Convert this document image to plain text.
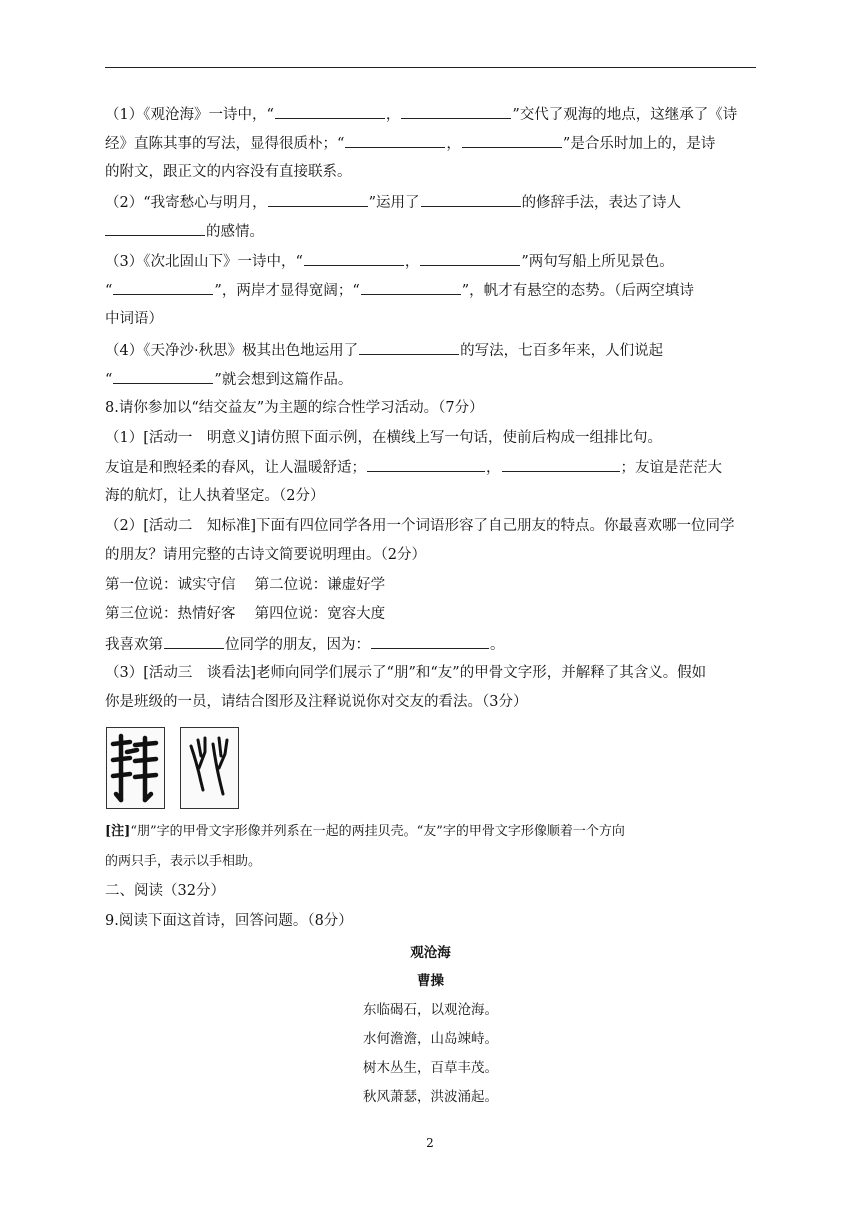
（1）《观沧海》一诗中，“	，	”交代了观海的地点，这继承了《诗
经》直陈其事的写法，显得很质朴；“	，	”是合乐时加上的，是诗
的附文，跟正文的内容没有直接联系。
（2）“我寄愁心与明月，	”运用了	的修辞手法，表达了诗人
的感情。
（3）《次北固山下》一诗中，“	，	”两句写船上所见景色。
“	”，两岸才显得宽阔；“	”，帆才有悬空的态势。（后两空填诗
中词语）
（4）《天净沙·秋思》极其出色地运用了	的写法，七百多年来，人们说起
“	”就会想到这篇作品。
8.请你参加以“结交益友”为主题的综合性学习活动。（7分）
（1）[活动一　明意义]请仿照下面示例，在横线上写一句话，使前后构成一组排比句。
友谊是和煦轻柔的春风，让人温暖舒适；	，	；友谊是茫茫大
海的航灯，让人执着坚定。（2分）
（2）[活动二　知标准]下面有四位同学各用一个词语形容了自己朋友的特点。你最喜欢哪一位同学
的朋友？请用完整的古诗文简要说明理由。（2分）
第一位说：诚实守信　 第二位说：谦虚好学
第三位说：热情好客　 第四位说：宽容大度
我喜欢第	位同学的朋友，因为：	。
（3）[活动三　谈看法]老师向同学们展示了“朋”和“友”的甲骨文字形，并解释了其含义。假如
你是班级的一员，请结合图形及注释说说你对交友的看法。（3分）
[注]“朋”字的甲骨文字形像并列系在一起的两挂贝壳。“友”字的甲骨文字形像顺着一个方向
的两只手，表示以手相助。
二、阅读（32分）
9.阅读下面这首诗，回答问题。（8分）
观沧海
曹操
东临碣石，以观沧海。
水何澹澹，山岛竦峙。
树木丛生，百草丰茂。
秋风萧瑟，洪波涌起。
2
